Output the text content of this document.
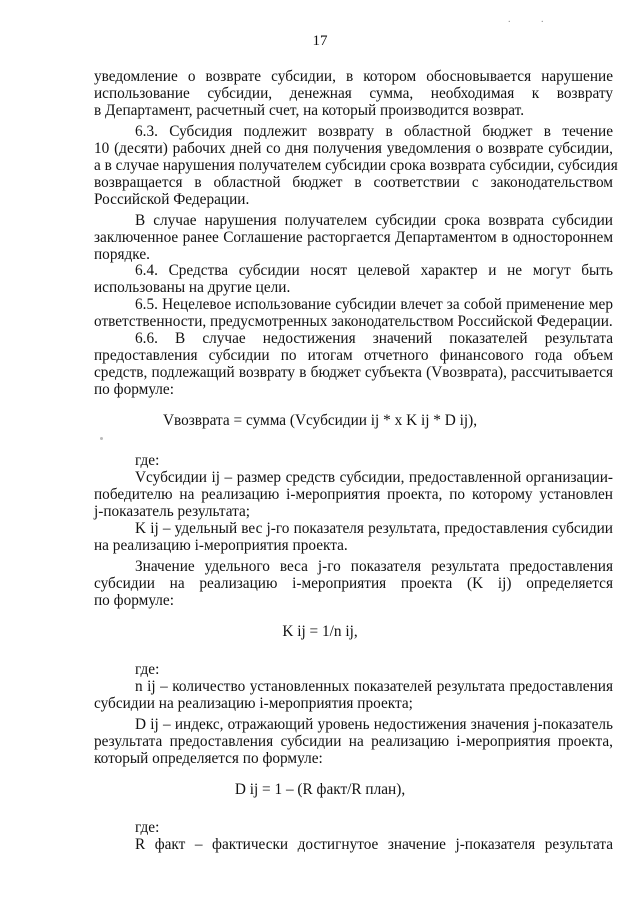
. .
17
уведомление о возврате субсидии, в котором обосновывается нарушение
использование субсидии, денежная сумма, необходимая к возврату
в Департамент, расчетный счет, на который производится возврат.
6.3. Субсидия подлежит возврату в областной бюджет в течение
10 (десяти) рабочих дней со дня получения уведомления о возврате субсидии,
а в случае нарушения получателем субсидии срока возврата субсидии, субсидия
возвращается в областной бюджет в соответствии с законодательством
Российской Федерации.
В случае нарушения получателем субсидии срока возврата субсидии
заключенное ранее Соглашение расторгается Департаментом в одностороннем
порядке.
6.4. Средства субсидии носят целевой характер и не могут быть
использованы на другие цели.
6.5. Нецелевое использование субсидии влечет за собой применение мер
ответственности, предусмотренных законодательством Российской Федерации.
6.6. В случае недостижения значений показателей результата
предоставления субсидии по итогам отчетного финансового года объем
средств, подлежащий возврату в бюджет субъекта (Vвозврата), рассчитывается
по формуле:
Vвозврата = сумма (Vсубсидии ij * x K ij * D ij),
где:
Vсубсидии ij – размер средств субсидии, предоставленной организации-
победителю на реализацию i-мероприятия проекта, по которому установлен
j-показатель результата;
K ij – удельный вес j-го показателя результата, предоставления субсидии
на реализацию i-мероприятия проекта.
Значение удельного веса j-го показателя результата предоставления
субсидии на реализацию i-мероприятия проекта (K ij) определяется
по формуле:
K ij = 1/n ij,
где:
n ij – количество установленных показателей результата предоставления
субсидии на реализацию i-мероприятия проекта;
D ij – индекс, отражающий уровень недостижения значения j-показатель
результата предоставления субсидии на реализацию i-мероприятия проекта,
который определяется по формуле:
D ij = 1 – (R факт/R план),
где:
R факт – фактически достигнутое значение j-показателя результата
